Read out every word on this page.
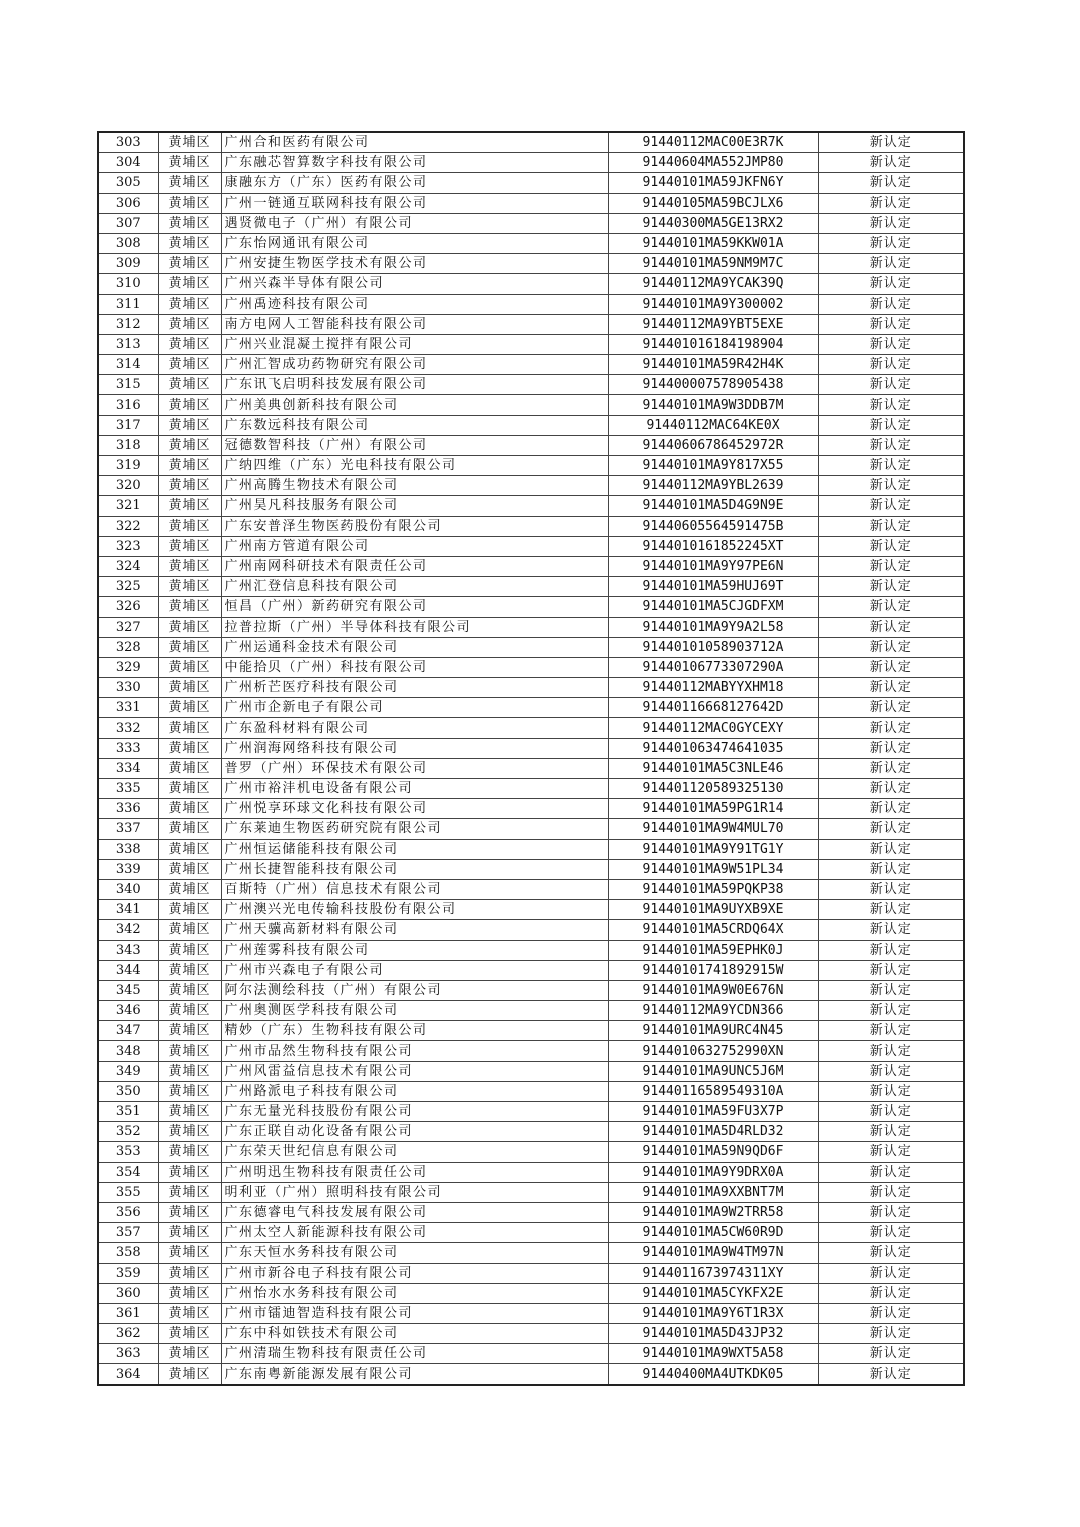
303	黄埔区	广州合和医药有限公司	91440112MAC00E3R7K	新认定
304	黄埔区	广东融芯智算数字科技有限公司	91440604MA552JMP80	新认定
305	黄埔区	康融东方（广东）医药有限公司	91440101MA59JKFN6Y	新认定
306	黄埔区	广州一链通互联网科技有限公司	91440105MA59BCJLX6	新认定
307	黄埔区	遇贤微电子（广州）有限公司	91440300MA5GE13RX2	新认定
308	黄埔区	广东怡网通讯有限公司	91440101MA59KKW01A	新认定
309	黄埔区	广州安捷生物医学技术有限公司	91440101MA59NM9M7C	新认定
310	黄埔区	广州兴森半导体有限公司	91440112MA9YCAK39Q	新认定
311	黄埔区	广州禹迹科技有限公司	91440101MA9Y300002	新认定
312	黄埔区	南方电网人工智能科技有限公司	91440112MA9YBT5EXE	新认定
313	黄埔区	广州兴业混凝土搅拌有限公司	914401016184198904	新认定
314	黄埔区	广州汇智成功药物研究有限公司	91440101MA59R42H4K	新认定
315	黄埔区	广东讯飞启明科技发展有限公司	914400007578905438	新认定
316	黄埔区	广州美典创新科技有限公司	91440101MA9W3DDB7M	新认定
317	黄埔区	广东数远科技有限公司	91440112MAC64KE0X	新认定
318	黄埔区	冠德数智科技（广州）有限公司	91440606786452972R	新认定
319	黄埔区	广纳四维（广东）光电科技有限公司	91440101MA9Y817X55	新认定
320	黄埔区	广州高腾生物技术有限公司	91440112MA9YBL2639	新认定
321	黄埔区	广州昊凡科技服务有限公司	91440101MA5D4G9N9E	新认定
322	黄埔区	广东安普泽生物医药股份有限公司	91440605564591475B	新认定
323	黄埔区	广州南方管道有限公司	9144010161852245XT	新认定
324	黄埔区	广州南网科研技术有限责任公司	91440101MA9Y97PE6N	新认定
325	黄埔区	广州汇登信息科技有限公司	91440101MA59HUJ69T	新认定
326	黄埔区	恒昌（广州）新药研究有限公司	91440101MA5CJGDFXM	新认定
327	黄埔区	拉普拉斯（广州）半导体科技有限公司	91440101MA9Y9A2L58	新认定
328	黄埔区	广州运通科金技术有限公司	91440101058903712A	新认定
329	黄埔区	中能拾贝（广州）科技有限公司	91440106773307290A	新认定
330	黄埔区	广州析芒医疗科技有限公司	91440112MABYYXHM18	新认定
331	黄埔区	广州市企新电子有限公司	91440116668127642D	新认定
332	黄埔区	广东盈科材料有限公司	91440112MAC0GYCEXY	新认定
333	黄埔区	广州润海网络科技有限公司	914401063474641035	新认定
334	黄埔区	普罗（广州）环保技术有限公司	91440101MA5C3NLE46	新认定
335	黄埔区	广州市裕沣机电设备有限公司	914401120589325130	新认定
336	黄埔区	广州悦享环球文化科技有限公司	91440101MA59PG1R14	新认定
337	黄埔区	广东莱迪生物医药研究院有限公司	91440101MA9W4MUL70	新认定
338	黄埔区	广州恒运储能科技有限公司	91440101MA9Y91TG1Y	新认定
339	黄埔区	广州长捷智能科技有限公司	91440101MA9W51PL34	新认定
340	黄埔区	百斯特（广州）信息技术有限公司	91440101MA59PQKP38	新认定
341	黄埔区	广州澳兴光电传输科技股份有限公司	91440101MA9UYXB9XE	新认定
342	黄埔区	广州天骥高新材料有限公司	91440101MA5CRDQ64X	新认定
343	黄埔区	广州莲雾科技有限公司	91440101MA59EPHK0J	新认定
344	黄埔区	广州市兴森电子有限公司	91440101741892915W	新认定
345	黄埔区	阿尔法测绘科技（广州）有限公司	91440101MA9W0E676N	新认定
346	黄埔区	广州奥测医学科技有限公司	91440112MA9YCDN366	新认定
347	黄埔区	精妙（广东）生物科技有限公司	91440101MA9URC4N45	新认定
348	黄埔区	广州市品然生物科技有限公司	9144010632752990XN	新认定
349	黄埔区	广州风雷益信息技术有限公司	91440101MA9UNC5J6M	新认定
350	黄埔区	广州路派电子科技有限公司	91440116589549310A	新认定
351	黄埔区	广东无量光科技股份有限公司	91440101MA59FU3X7P	新认定
352	黄埔区	广东正联自动化设备有限公司	91440101MA5D4RLD32	新认定
353	黄埔区	广东荣天世纪信息有限公司	91440101MA59N9QD6F	新认定
354	黄埔区	广州明迅生物科技有限责任公司	91440101MA9Y9DRX0A	新认定
355	黄埔区	明利亚（广州）照明科技有限公司	91440101MA9XXBNT7M	新认定
356	黄埔区	广东德睿电气科技发展有限公司	91440101MA9W2TRR58	新认定
357	黄埔区	广州太空人新能源科技有限公司	91440101MA5CW60R9D	新认定
358	黄埔区	广东天恒水务科技有限公司	91440101MA9W4TM97N	新认定
359	黄埔区	广州市新谷电子科技有限公司	9144011673974311XY	新认定
360	黄埔区	广州怡水水务科技有限公司	91440101MA5CYKFX2E	新认定
361	黄埔区	广州市镭迪智造科技有限公司	91440101MA9Y6T1R3X	新认定
362	黄埔区	广东中科如铁技术有限公司	91440101MA5D43JP32	新认定
363	黄埔区	广州清瑞生物科技有限责任公司	91440101MA9WXT5A58	新认定
364	黄埔区	广东南粤新能源发展有限公司	91440400MA4UTKDK05	新认定
